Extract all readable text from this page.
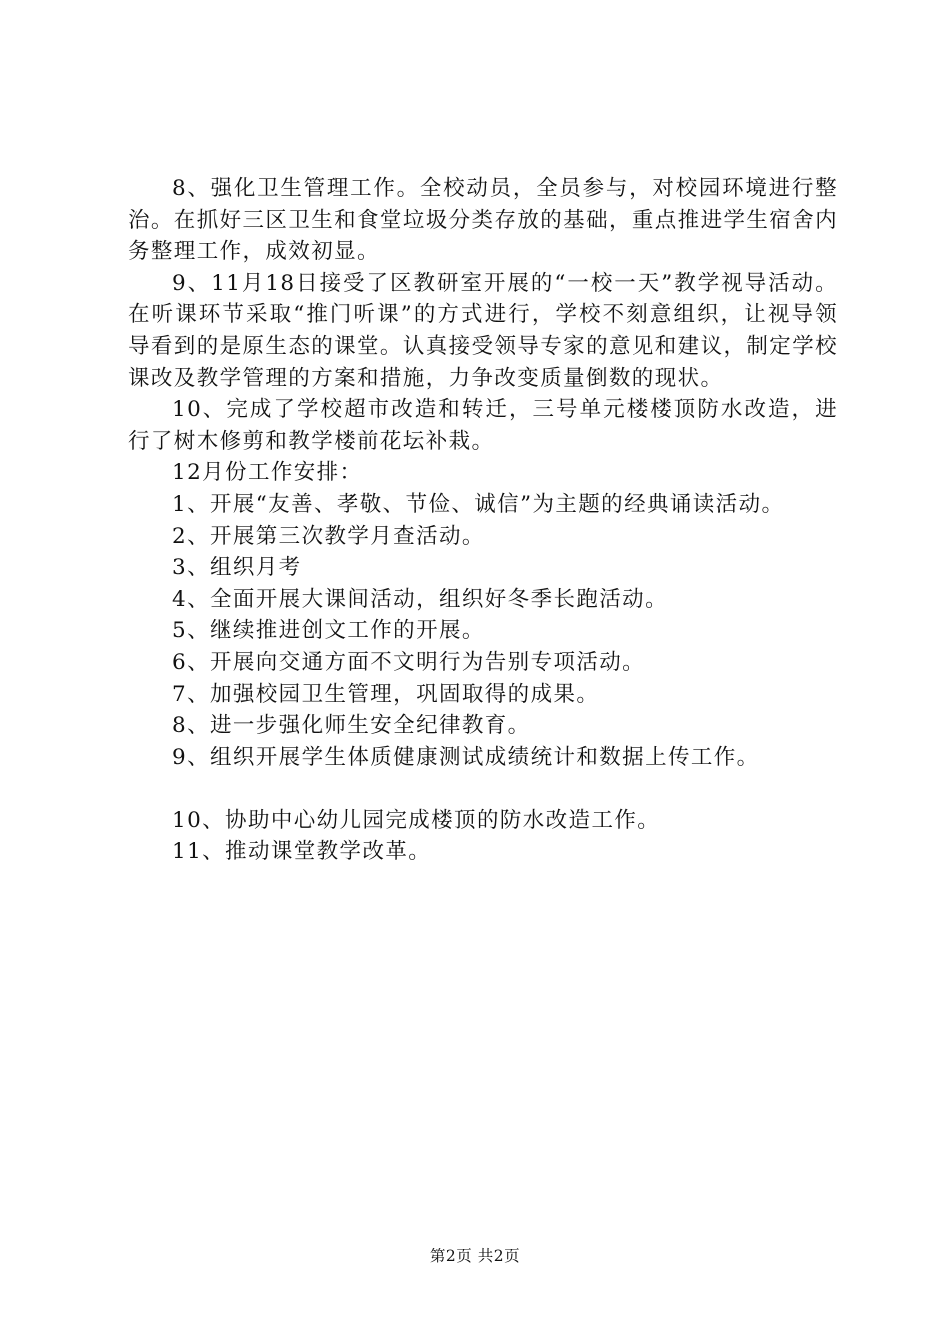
8、强化卫生管理工作。全校动员，全员参与，对校园环境进行整治。在抓好三区卫生和食堂垃圾分类存放的基础，重点推进学生宿舍内务整理工作，成效初显。

9、11月18日接受了区教研室开展的“一校一天”教学视导活动。在听课环节采取“推门听课”的方式进行，学校不刻意组织，让视导领导看到的是原生态的课堂。认真接受领导专家的意见和建议，制定学校课改及教学管理的方案和措施，力争改变质量倒数的现状。

10、完成了学校超市改造和转迁，三号单元楼楼顶防水改造，进行了树木修剪和教学楼前花坛补栽。

12月份工作安排：

1、开展“友善、孝敬、节俭、诚信”为主题的经典诵读活动。

2、开展第三次教学月查活动。

3、组织月考

4、全面开展大课间活动，组织好冬季长跑活动。

5、继续推进创文工作的开展。

6、开展向交通方面不文明行为告别专项活动。

7、加强校园卫生管理，巩固取得的成果。

8、进一步强化师生安全纪律教育。

9、组织开展学生体质健康测试成绩统计和数据上传工作。

10、协助中心幼儿园完成楼顶的防水改造工作。

11、推动课堂教学改革。

第2页 共2页
